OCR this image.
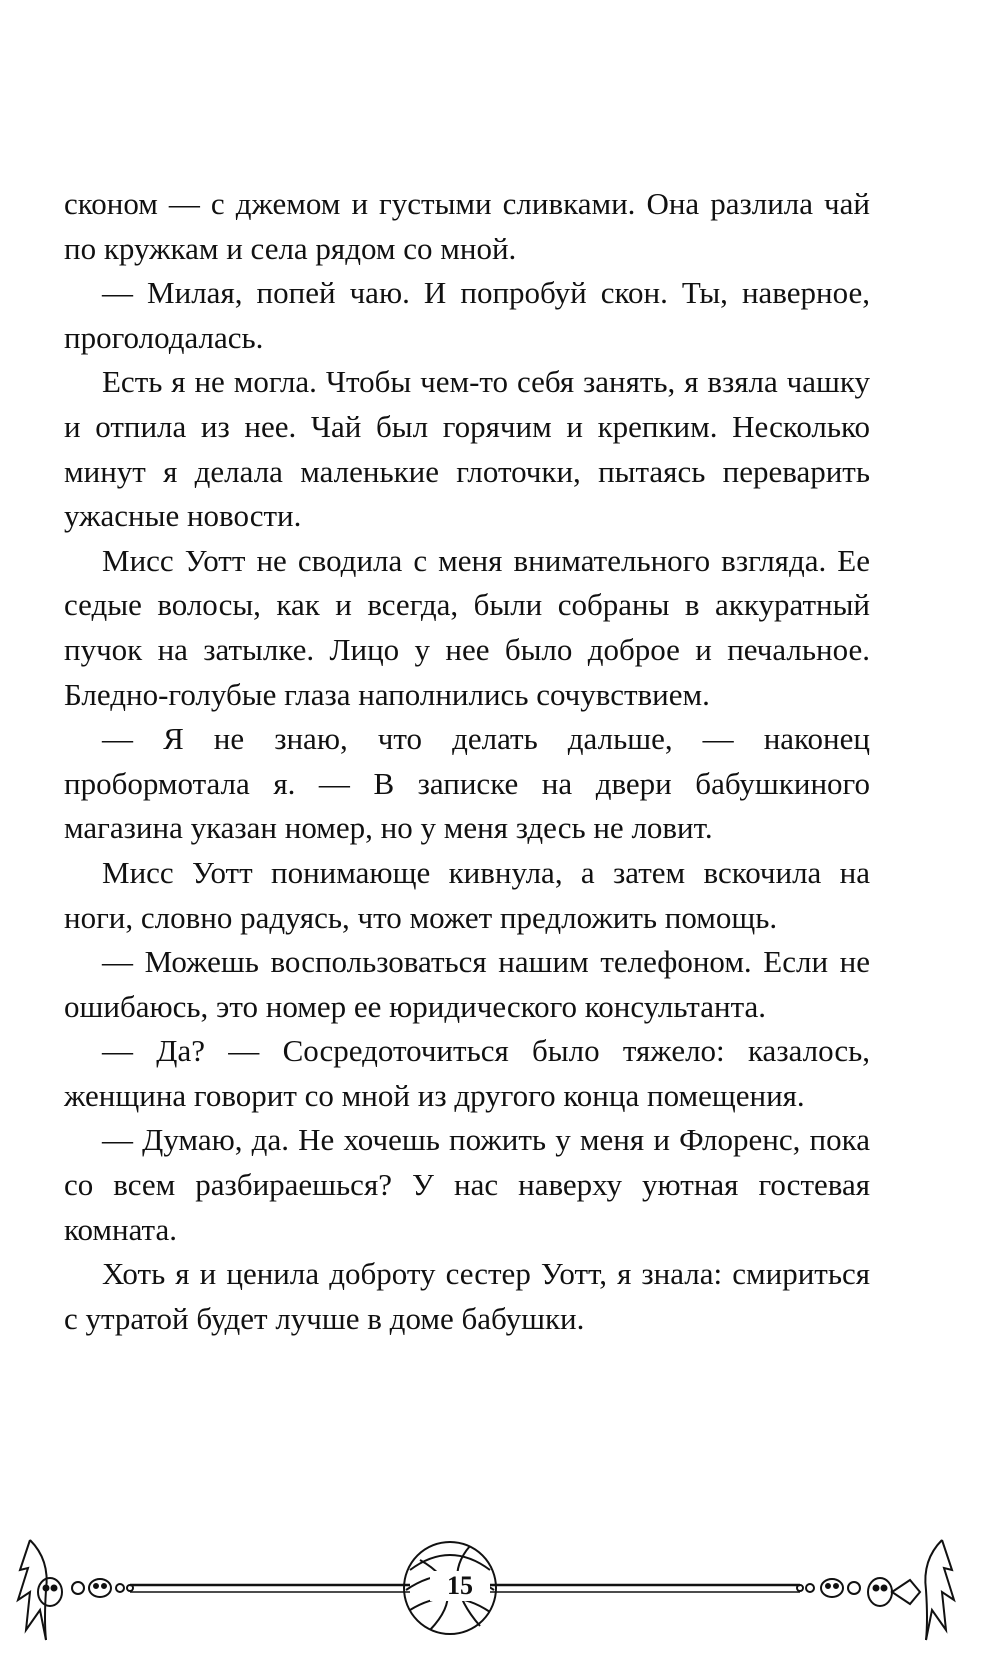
сконом — с джемом и густыми сливками. Она разлила чай по кружкам и села рядом со мной.

— Милая, попей чаю. И попробуй скон. Ты, наверное, проголодалась.

Есть я не могла. Чтобы чем-то себя занять, я взяла чашку и отпила из нее. Чай был горячим и крепким. Несколько минут я делала маленькие глоточки, пытаясь переварить ужасные новости.

Мисс Уотт не сводила с меня внимательного взгляда. Ее седые волосы, как и всегда, были собраны в аккуратный пучок на затылке. Лицо у нее было доброе и печальное. Бледно-голубые глаза наполнились сочувствием.

— Я не знаю, что делать дальше, — наконец пробормотала я. — В записке на двери бабушкиного магазина указан номер, но у меня здесь не ловит.

Мисс Уотт понимающе кивнула, а затем вскочила на ноги, словно радуясь, что может предложить помощь.

— Можешь воспользоваться нашим телефоном. Если не ошибаюсь, это номер ее юридического консультанта.

— Да? — Сосредоточиться было тяжело: казалось, женщина говорит со мной из другого конца помещения.

— Думаю, да. Не хочешь пожить у меня и Флоренс, пока со всем разбираешься? У нас наверху уютная гостевая комната.

Хоть я и ценила доброту сестер Уотт, я знала: смириться с утратой будет лучше в доме бабушки.

15
